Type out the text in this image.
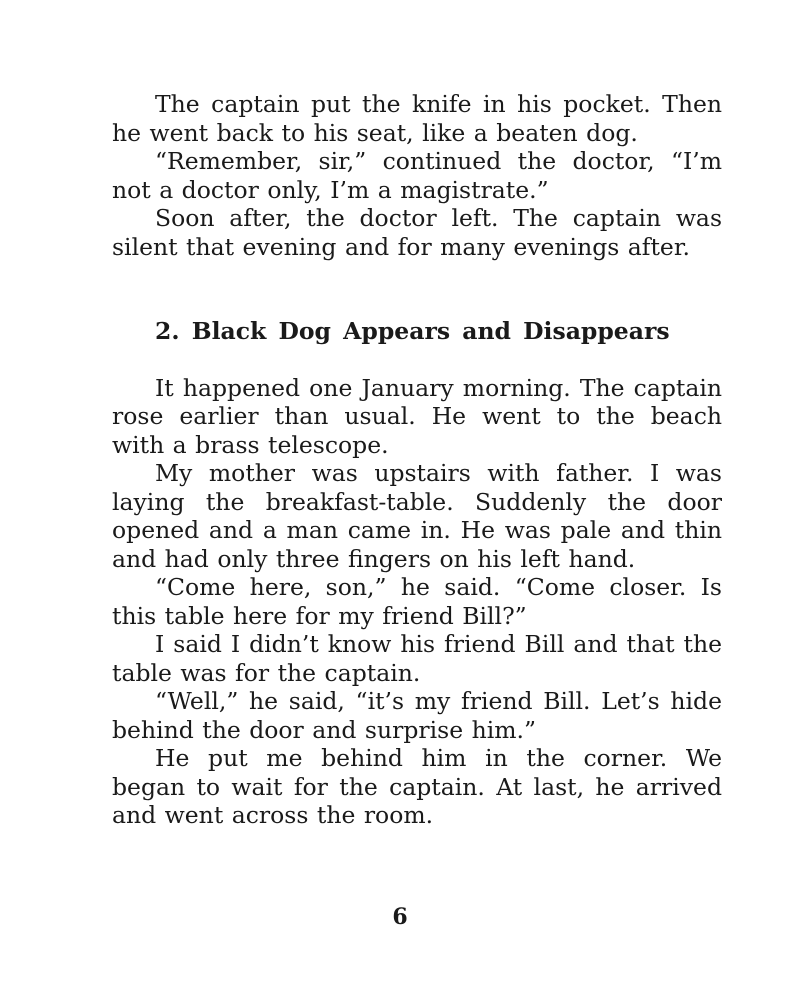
The captain put the knife in his pocket. Then he went back to his seat, like a beaten dog.

“Remember, sir,” continued the doctor, “I’m not a doctor only, I’m a magistrate.”

Soon after, the doctor left. The captain was silent that evening and for many evenings after.

2. Black Dog Appears and Disappears

It happened one January morning. The captain rose earlier than usual. He went to the beach with a brass telescope.

My mother was upstairs with father. I was laying the breakfast-table. Suddenly the door opened and a man came in. He was pale and thin and had only three fingers on his left hand.

“Come here, son,” he said. “Come closer. Is this table here for my friend Bill?”

I said I didn’t know his friend Bill and that the table was for the captain.

“Well,” he said, “it’s my friend Bill. Let’s hide behind the door and surprise him.”

He put me behind him in the corner. We began to wait for the captain. At last, he arrived and went across the room.

6
